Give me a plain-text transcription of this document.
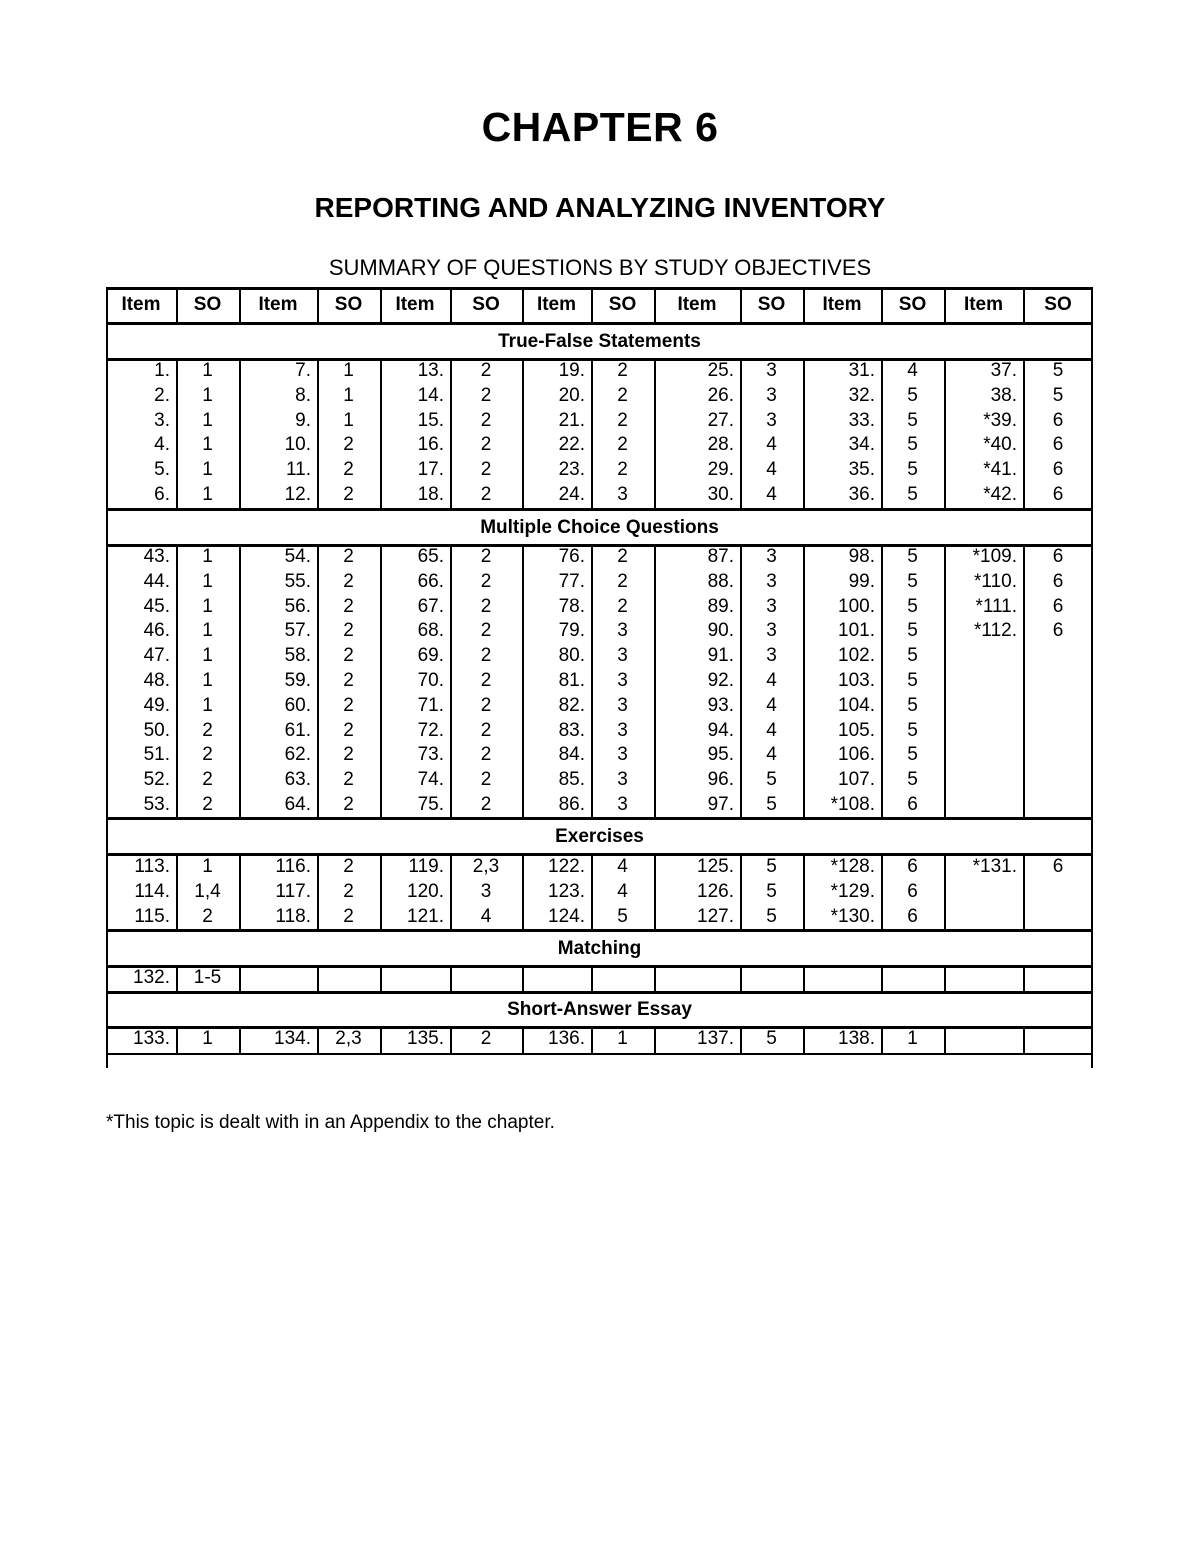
CHAPTER 6
REPORTING AND ANALYZING INVENTORY
SUMMARY OF QUESTIONS BY STUDY OBJECTIVES
Item	SO	Item	SO	Item	SO	Item	SO	Item	SO	Item	SO	Item	SO
True-False Statements
1.	1	7.	1	13.	2	19.	2	25.	3	31.	4	37.	5
2.	1	8.	1	14.	2	20.	2	26.	3	32.	5	38.	5
3.	1	9.	1	15.	2	21.	2	27.	3	33.	5	*39.	6
4.	1	10.	2	16.	2	22.	2	28.	4	34.	5	*40.	6
5.	1	11.	2	17.	2	23.	2	29.	4	35.	5	*41.	6
6.	1	12.	2	18.	2	24.	3	30.	4	36.	5	*42.	6
Multiple Choice Questions
43.	1	54.	2	65.	2	76.	2	87.	3	98.	5	*109.	6
44.	1	55.	2	66.	2	77.	2	88.	3	99.	5	*110.	6
45.	1	56.	2	67.	2	78.	2	89.	3	100.	5	*111.	6
46.	1	57.	2	68.	2	79.	3	90.	3	101.	5	*112.	6
47.	1	58.	2	69.	2	80.	3	91.	3	102.	5
48.	1	59.	2	70.	2	81.	3	92.	4	103.	5
49.	1	60.	2	71.	2	82.	3	93.	4	104.	5
50.	2	61.	2	72.	2	83.	3	94.	4	105.	5
51.	2	62.	2	73.	2	84.	3	95.	4	106.	5
52.	2	63.	2	74.	2	85.	3	96.	5	107.	5
53.	2	64.	2	75.	2	86.	3	97.	5	*108.	6
Exercises
113.	1	116.	2	119.	2,3	122.	4	125.	5	*128.	6	*131.	6
114.	1,4	117.	2	120.	3	123.	4	126.	5	*129.	6
115.	2	118.	2	121.	4	124.	5	127.	5	*130.	6
Matching
132.	1-5
Short-Answer Essay
133.	1	134.	2,3	135.	2	136.	1	137.	5	138.	1
*This topic is dealt with in an Appendix to the chapter.
